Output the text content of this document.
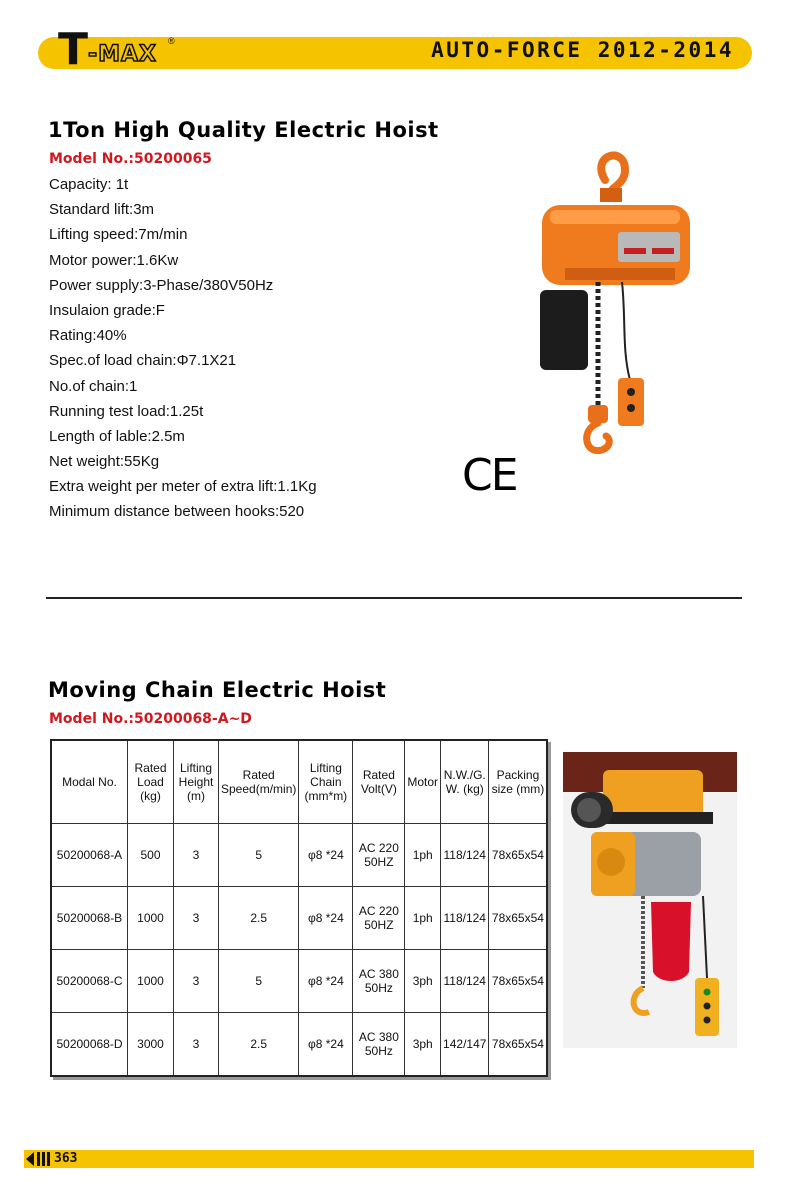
T -MAX
®	AUTO-FORCE 2012-2014
1Ton High Quality Electric Hoist
Model No.:50200065
Capacity: 1t
Standard lift:3m
Lifting speed:7m/min
Motor power:1.6Kw
Power supply:3-Phase/380V50Hz
Insulaion grade:F
Rating:40%
Spec.of load chain:Φ7.1X21
No.of chain:1
Running test load:1.25t
Length of lable:2.5m
Net weight:55Kg
Extra weight per meter of extra lift:1.1Kg
Minimum distance between hooks:520
CE
Moving Chain Electric Hoist
Model No.:50200068-A~D
Modal No.	Rated Load (kg)	Lifting Height (m)	Rated Speed(m/min)	Lifting Chain (mm*m)	Rated Volt(V)	Motor	N.W./G. W. (kg)	Packing size (mm)
50200068-A	500	3	5	φ8 *24	AC 220 50HZ	1ph	118/124	78x65x54
50200068-B	1000	3	2.5	φ8 *24	AC 220 50HZ	1ph	118/124	78x65x54
50200068-C	1000	3	5	φ8 *24	AC 380 50Hz	3ph	118/124	78x65x54
50200068-D	3000	3	2.5	φ8 *24	AC 380 50Hz	3ph	142/147	78x65x54
363
